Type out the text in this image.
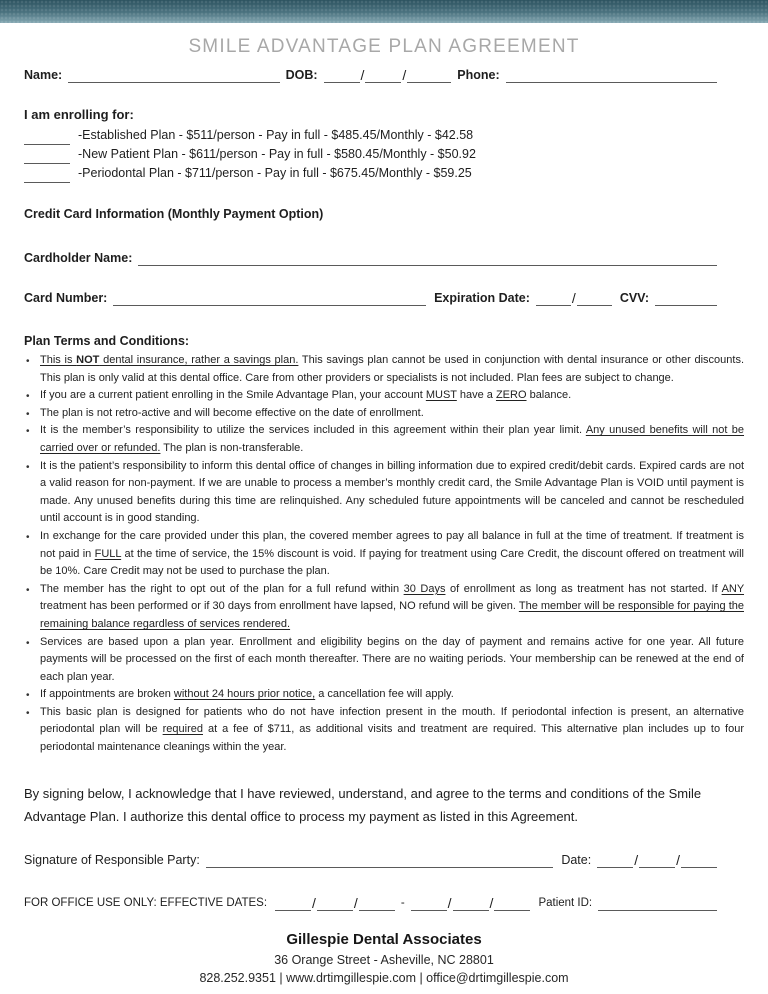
SMILE ADVANTAGE PLAN AGREEMENT
Name:	DOB:	/	/	Phone:
I am enrolling for:
-Established Plan - $511/person - Pay in full - $485.45/Monthly - $42.58
-New Patient Plan - $611/person - Pay in full - $580.45/Monthly - $50.92
-Periodontal Plan - $711/person - Pay in full - $675.45/Monthly - $59.25
Credit Card Information (Monthly Payment Option)
Cardholder Name:
Card Number:	Expiration Date:	/	CVV:
Plan Terms and Conditions:
• This is NOT dental insurance, rather a savings plan. This savings plan cannot be used in conjunction with dental insurance or other discounts. This plan is only valid at this dental office. Care from other providers or specialists is not included. Plan fees are subject to change.
• If you are a current patient enrolling in the Smile Advantage Plan, your account MUST have a ZERO balance.
• The plan is not retro-active and will become effective on the date of enrollment.
• It is the member’s responsibility to utilize the services included in this agreement within their plan year limit. Any unused benefits will not be carried over or refunded. The plan is non-transferable.
• It is the patient’s responsibility to inform this dental office of changes in billing information due to expired credit/debit cards. Expired cards are not a valid reason for non-payment. If we are unable to process a member’s monthly credit card, the Smile Advantage Plan is VOID until payment is made. Any unused benefits during this time are relinquished. Any scheduled future appointments will be canceled and cannot be rescheduled until account is in good standing.
• In exchange for the care provided under this plan, the covered member agrees to pay all balance in full at the time of treatment. If treatment is not paid in FULL at the time of service, the 15% discount is void. If paying for treatment using Care Credit, the discount offered on treatment will be 10%. Care Credit may not be used to purchase the plan.
• The member has the right to opt out of the plan for a full refund within 30 Days of enrollment as long as treatment has not started. If ANY treatment has been performed or if 30 days from enrollment have lapsed, NO refund will be given. The member will be responsible for paying the remaining balance regardless of services rendered.
• Services are based upon a plan year. Enrollment and eligibility begins on the day of payment and remains active for one year. All future payments will be processed on the first of each month thereafter. There are no waiting periods. Your membership can be renewed at the end of each plan year.
• If appointments are broken without 24 hours prior notice, a cancellation fee will apply.
• This basic plan is designed for patients who do not have infection present in the mouth. If periodontal infection is present, an alternative periodontal plan will be required at a fee of $711, as additional visits and treatment are required. This alternative plan includes up to four periodontal maintenance cleanings within the year.

By signing below, I acknowledge that I have reviewed, understand, and agree to the terms and conditions of the Smile Advantage Plan. I authorize this dental office to process my payment as listed in this Agreement.

Signature of Responsible Party:	Date:	/	/
FOR OFFICE USE ONLY: EFFECTIVE DATES:	/	/	-	/	/	Patient ID:
Gillespie Dental Associates
36 Orange Street - Asheville, NC 28801
828.252.9351 | www.drtimgillespie.com | office@drtimgillespie.com
